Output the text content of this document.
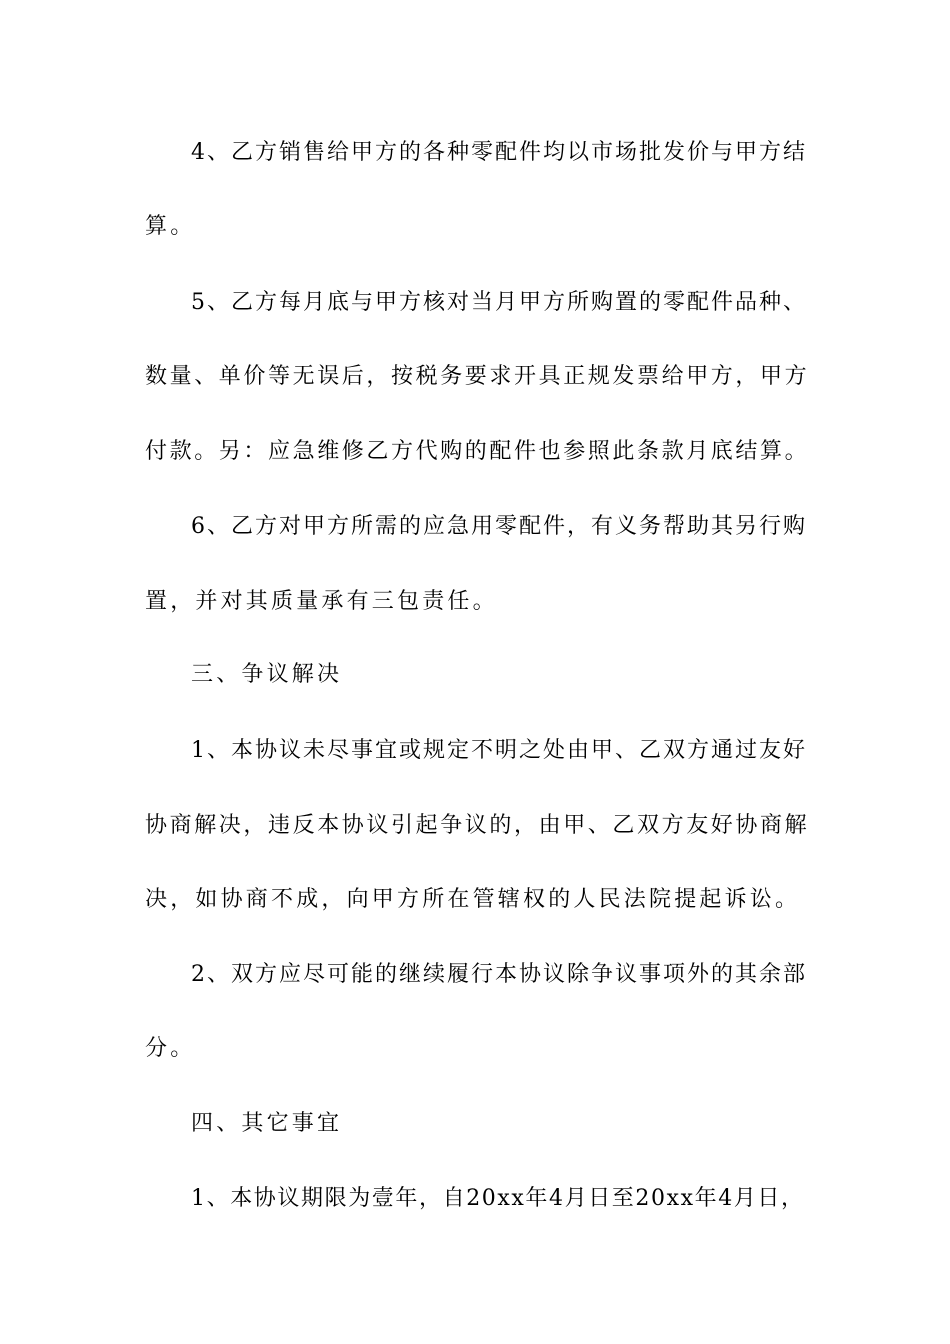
4、乙方销售给甲方的各种零配件均以市场批发价与甲方结
算。
5、乙方每月底与甲方核对当月甲方所购置的零配件品种、
数量、单价等无误后，按税务要求开具正规发票给甲方，甲方
付款。另：应急维修乙方代购的配件也参照此条款月底结算。
6、乙方对甲方所需的应急用零配件，有义务帮助其另行购
置，并对其质量承有三包责任。
三、争议解决
1、本协议未尽事宜或规定不明之处由甲、乙双方通过友好
协商解决，违反本协议引起争议的，由甲、乙双方友好协商解
决，如协商不成，向甲方所在管辖权的人民法院提起诉讼。
2、双方应尽可能的继续履行本协议除争议事项外的其余部
分。
四、其它事宜
1、本协议期限为壹年，自20xx年4月日至20xx年4月日，
